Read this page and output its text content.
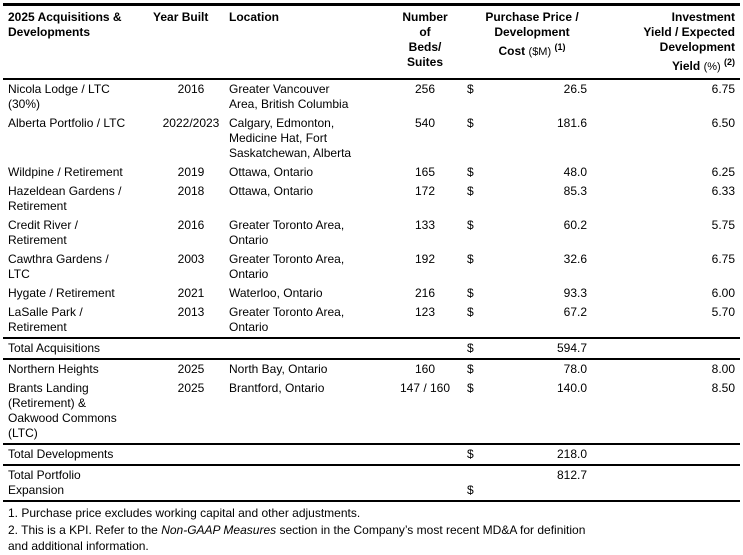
2025 Acquisitions &
Developments	Year Built	Location	Number
of
Beds/
Suites	Purchase Price /
Development
Cost ($M) $^{(1)}$		Investment
Yield / Expected
Development
Yield (%) $^{(2)}$
Nicola Lodge / LTC
(30%)	2016	Greater Vancouver
Area, British Columbia	256	$	26.5	6.75
Alberta Portfolio / LTC	2022/2023	Calgary, Edmonton,
Medicine Hat, Fort
Saskatchewan, Alberta	540	$	181.6	6.50
Wildpine / Retirement	2019	Ottawa, Ontario	165	$	48.0	6.25
Hazeldean Gardens /
Retirement	2018	Ottawa, Ontario	172	$	85.3	6.33
Credit River /
Retirement	2016	Greater Toronto Area,
Ontario	133	$	60.2	5.75
Cawthra Gardens /
LTC	2003	Greater Toronto Area,
Ontario	192	$	32.6	6.75
Hygate / Retirement	2021	Waterloo, Ontario	216	$	93.3	6.00
LaSalle Park /
Retirement	2013	Greater Toronto Area,
Ontario	123	$	67.2	5.70
Total Acquisitions				$	594.7	
Northern Heights	2025	North Bay, Ontario	160	$	78.0	8.00
Brants Landing
(Retirement) &
Oakwood Commons
(LTC)	2025	Brantford, Ontario	147 / 160	$	140.0	8.50
Total Developments				$	218.0	
Total Portfolio
Expansion				$	812.7	
1. Purchase price excludes working capital and other adjustments.
2. This is a KPI. Refer to the Non-GAAP Measures section in the Company’s most recent MD&A for definition
and additional information.
